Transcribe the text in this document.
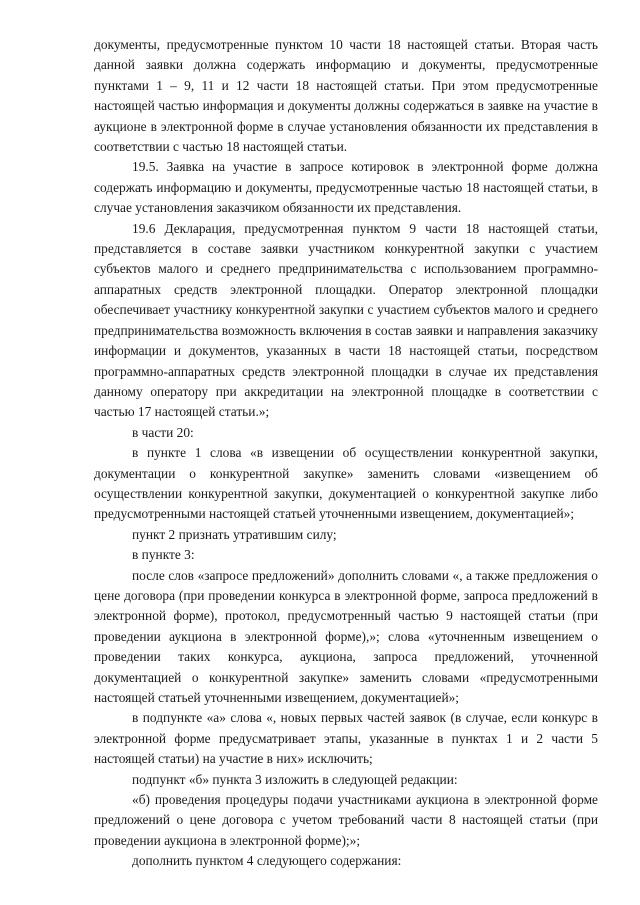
документы, предусмотренные пунктом 10 части 18 настоящей статьи. Вторая часть данной заявки должна содержать информацию и документы, предусмотренные пунктами 1 – 9, 11 и 12 части 18 настоящей статьи. При этом предусмотренные настоящей частью информация и документы должны содержаться в заявке на участие в аукционе в электронной форме в случае установления обязанности их представления в соответствии с частью 18 настоящей статьи.

19.5. Заявка на участие в запросе котировок в электронной форме должна содержать информацию и документы, предусмотренные частью 18 настоящей статьи, в случае установления заказчиком обязанности их представления.

19.6 Декларация, предусмотренная пунктом 9 части 18 настоящей статьи, представляется в составе заявки участником конкурентной закупки с участием субъектов малого и среднего предпринимательства с использованием программно-аппаратных средств электронной площадки. Оператор электронной площадки обеспечивает участнику конкурентной закупки с участием субъектов малого и среднего предпринимательства возможность включения в состав заявки и направления заказчику информации и документов, указанных в части 18 настоящей статьи, посредством программно-аппаратных средств электронной площадки в случае их представления данному оператору при аккредитации на электронной площадке в соответствии с частью 17 настоящей статьи.»;

в части 20:

в пункте 1 слова «в извещении об осуществлении конкурентной закупки, документации о конкурентной закупке» заменить словами «извещением об осуществлении конкурентной закупки, документацией о конкурентной закупке либо предусмотренными настоящей статьей уточненными извещением, документацией»;

пункт 2 признать утратившим силу;

в пункте 3:

после слов «запросе предложений» дополнить словами «, а также предложения о цене договора (при проведении конкурса в электронной форме, запроса предложений в электронной форме), протокол, предусмотренный частью 9 настоящей статьи (при проведении аукциона в электронной форме),»; слова «уточненным извещением о проведении таких конкурса, аукциона, запроса предложений, уточненной документацией о конкурентной закупке» заменить словами «предусмотренными настоящей статьей уточненными извещением, документацией»;

в подпункте «а» слова «, новых первых частей заявок (в случае, если конкурс в электронной форме предусматривает этапы, указанные в пунктах 1 и 2 части 5 настоящей статьи) на участие в них» исключить;

подпункт «б» пункта 3 изложить в следующей редакции:

«б) проведения процедуры подачи участниками аукциона в электронной форме предложений о цене договора с учетом требований части 8 настоящей статьи (при проведении аукциона в электронной форме);»;

дополнить пунктом 4 следующего содержания:
